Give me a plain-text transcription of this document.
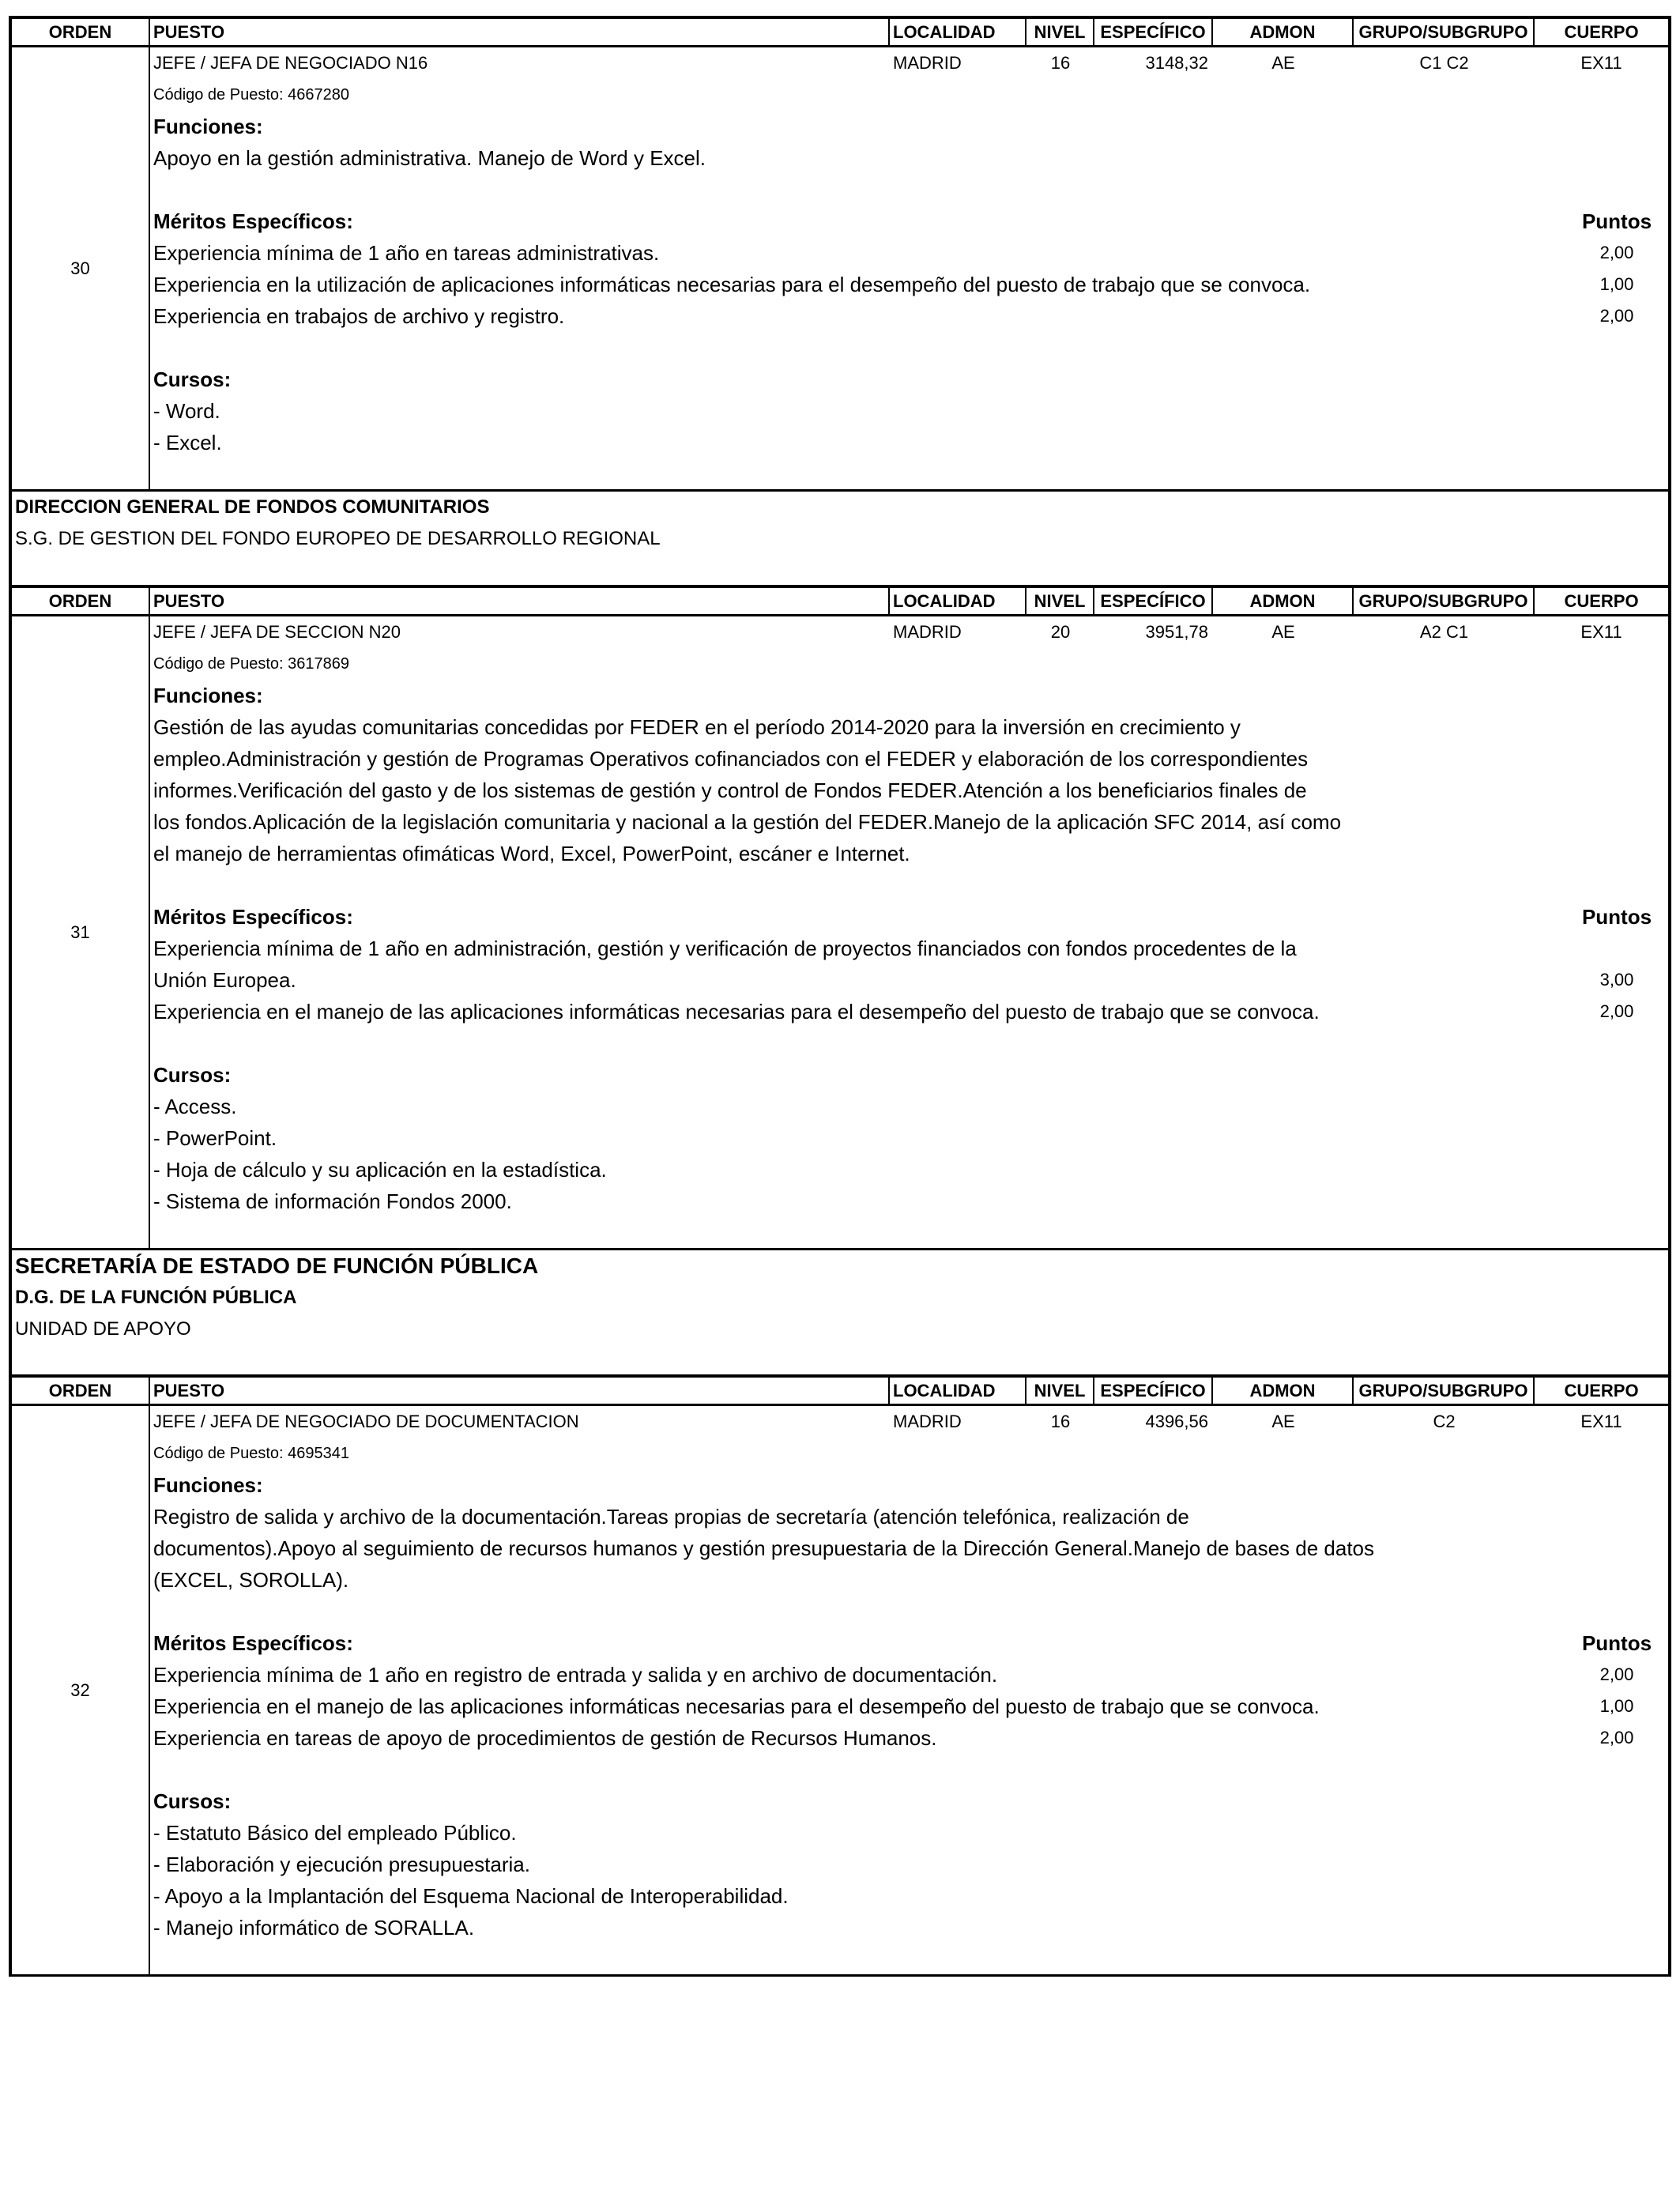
ORDEN	PUESTO	LOCALIDAD	NIVEL ESPECÍFICO	ADMON	GRUPO/SUBGRUPO	CUERPO
30
JEFE / JEFA DE NEGOCIADO N16	MADRID	16	3148,32	AE	C1 C2	EX11
Código de Puesto: 4667280
Funciones:
Apoyo en la gestión administrativa. Manejo de Word y Excel.
Méritos Específicos:	Puntos
Experiencia mínima de 1 año en tareas administrativas.	2,00
Experiencia en la utilización de aplicaciones informáticas necesarias para el desempeño del puesto de trabajo que se convoca.	1,00
Experiencia en trabajos de archivo y registro.	2,00
Cursos:
- Word.
- Excel.
DIRECCION GENERAL DE FONDOS COMUNITARIOS
S.G. DE GESTION DEL FONDO EUROPEO DE DESARROLLO REGIONAL
ORDEN	PUESTO	LOCALIDAD	NIVEL ESPECÍFICO	ADMON	GRUPO/SUBGRUPO	CUERPO
31
JEFE / JEFA DE SECCION N20	MADRID	20	3951,78	AE	A2 C1	EX11
Código de Puesto: 3617869
Funciones:
Gestión de las ayudas comunitarias concedidas por FEDER en el período 2014-2020 para la inversión en crecimiento y
empleo.Administración y gestión de Programas Operativos cofinanciados con el FEDER y elaboración de los correspondientes
informes.Verificación del gasto y de los sistemas de gestión y control de Fondos FEDER.Atención a los beneficiarios finales de
los fondos.Aplicación de la legislación comunitaria y nacional a la gestión del FEDER.Manejo de la aplicación SFC 2014, así como
el manejo de herramientas ofimáticas Word, Excel, PowerPoint, escáner e Internet.
Méritos Específicos:	Puntos
Experiencia mínima de 1 año en administración, gestión y verificación de proyectos financiados con fondos procedentes de la
Unión Europea.	3,00
Experiencia en el manejo de las aplicaciones informáticas necesarias para el desempeño del puesto de trabajo que se convoca.	2,00
Cursos:
- Access.
- PowerPoint.
- Hoja de cálculo y su aplicación en la estadística.
- Sistema de información Fondos 2000.
SECRETARÍA DE ESTADO DE FUNCIÓN PÚBLICA
D.G. DE LA FUNCIÓN PÚBLICA
UNIDAD DE APOYO
ORDEN	PUESTO	LOCALIDAD	NIVEL ESPECÍFICO	ADMON	GRUPO/SUBGRUPO	CUERPO
32
JEFE / JEFA DE NEGOCIADO DE DOCUMENTACION	MADRID	16	4396,56	AE	C2	EX11
Código de Puesto: 4695341
Funciones:
Registro de salida y archivo de la documentación.Tareas propias de secretaría (atención telefónica, realización de
documentos).Apoyo al seguimiento de recursos humanos y gestión presupuestaria de la Dirección General.Manejo de bases de datos
(EXCEL, SOROLLA).
Méritos Específicos:	Puntos
Experiencia mínima de 1 año en registro de entrada y salida y en archivo de documentación.	2,00
Experiencia en el manejo de las aplicaciones informáticas necesarias para el desempeño del puesto de trabajo que se convoca.	1,00
Experiencia en tareas de apoyo de procedimientos de gestión de Recursos Humanos.	2,00
Cursos:
- Estatuto Básico del empleado Público.
- Elaboración y ejecución presupuestaria.
- Apoyo a la Implantación del Esquema Nacional de Interoperabilidad.
- Manejo informático de SORALLA.
